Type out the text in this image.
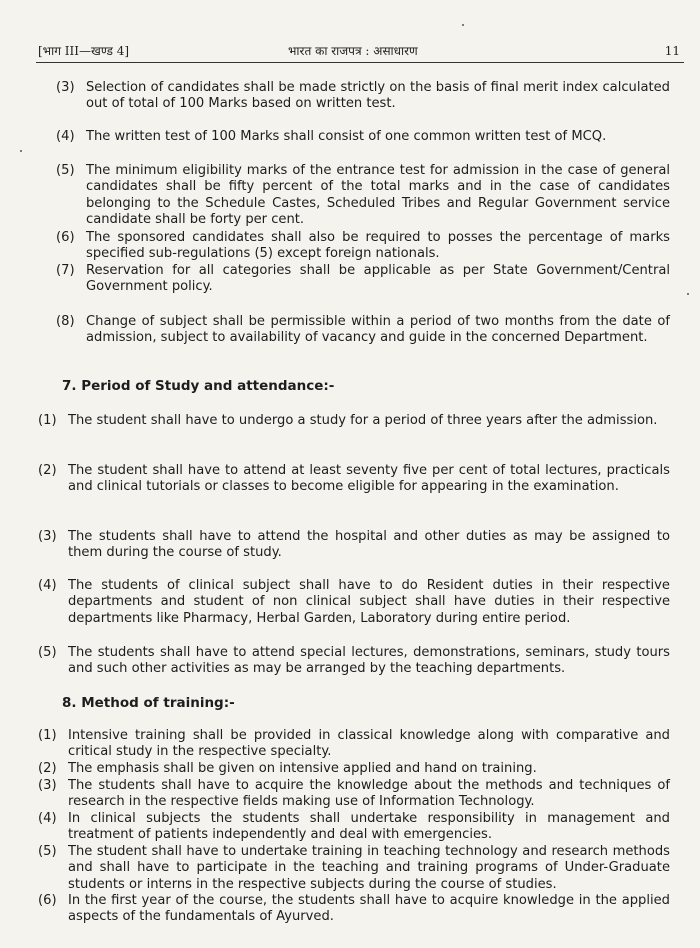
[भाग III—खण्ड 4]	भारत का राजपत्र : असाधारण	11

(3) Selection of candidates shall be made strictly on the basis of final merit index calculated out of total of 100 Marks based on written test.

(4) The written test of 100 Marks shall consist of one common written test of MCQ.

(5) The minimum eligibility marks of the entrance test for admission in the case of general candidates shall be fifty percent of the total marks and in the case of candidates belonging to the Schedule Castes, Scheduled Tribes and Regular Government service candidate shall be forty per cent.

(6) The sponsored candidates shall also be required to posses the percentage of marks specified sub-regulations (5) except foreign nationals.

(7) Reservation for all categories shall be applicable as per State Government/Central Government policy.

(8) Change of subject shall be permissible within a period of two months from the date of admission, subject to availability of vacancy and guide in the concerned Department.

7. Period of Study and attendance:-

(1) The student shall have to undergo a study for a period of three years after the admission.

(2) The student shall have to attend at least seventy five per cent of total lectures, practicals and clinical tutorials or classes to become eligible for appearing in the examination.

(3) The students shall have to attend the hospital and other duties as may be assigned to them during the course of study.

(4) The students of clinical subject shall have to do Resident duties in their respective departments and student of non clinical subject shall have duties in their respective departments like Pharmacy, Herbal Garden, Laboratory during entire period.

(5) The students shall have to attend special lectures, demonstrations, seminars, study tours and such other activities as may be arranged by the teaching departments.

8. Method of training:-

(1) Intensive training shall be provided in classical knowledge along with comparative and critical study in the respective specialty.

(2) The emphasis shall be given on intensive applied and hand on training.

(3) The students shall have to acquire the knowledge about the methods and techniques of research in the respective fields making use of Information Technology.

(4) In clinical subjects the students shall undertake responsibility in management and treatment of patients independently and deal with emergencies.

(5) The student shall have to undertake training in teaching technology and research methods and shall have to participate in the teaching and training programs of Under-Graduate students or interns in the respective subjects during the course of studies.

(6) In the first year of the course, the students shall have to acquire knowledge in the applied aspects of the fundamentals of Ayurved.
